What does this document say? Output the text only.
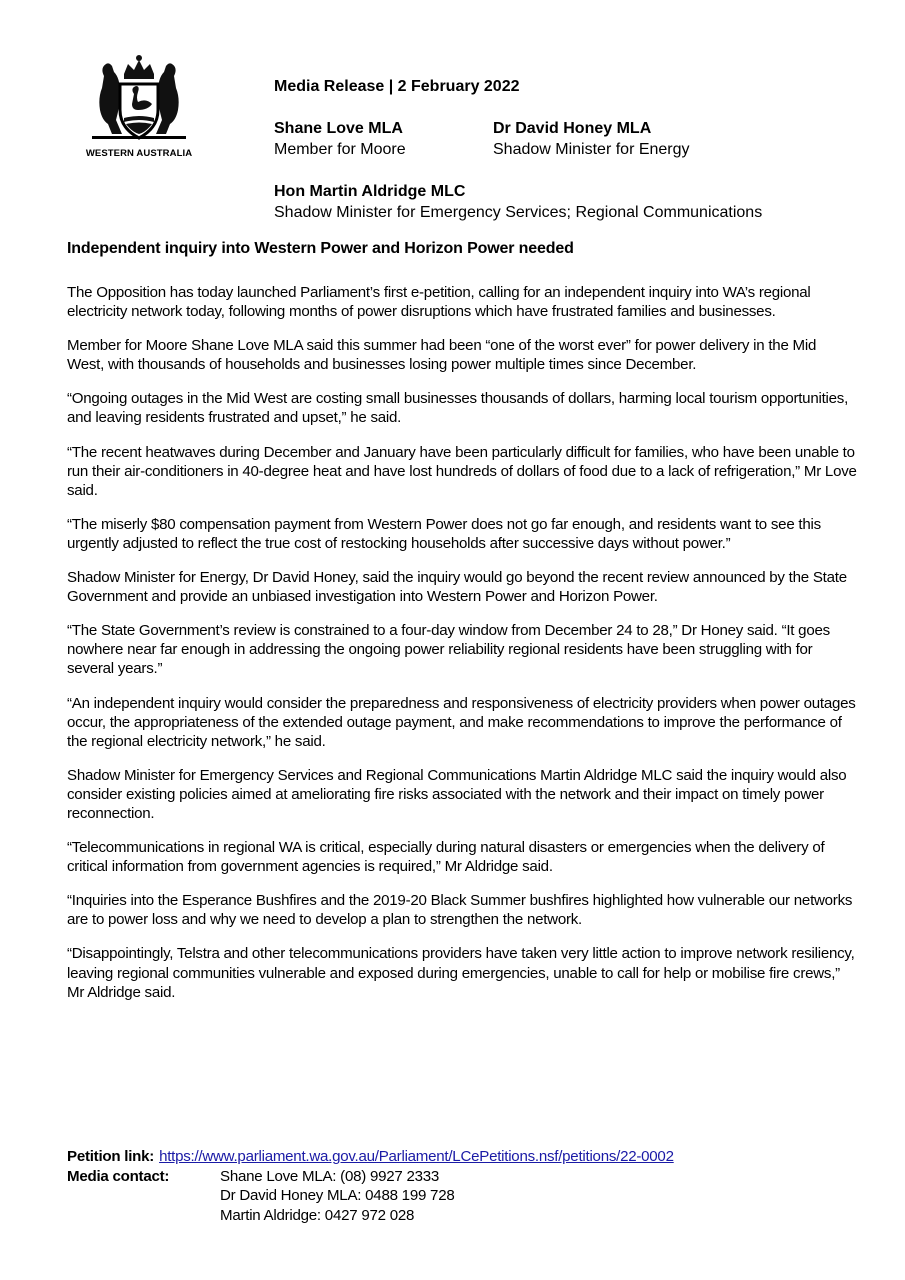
WESTERN AUSTRALIA
Media Release | 2 February 2022
Shane Love MLA
Member for Moore
Dr David Honey MLA
Shadow Minister for Energy
Hon Martin Aldridge MLC
Shadow Minister for Emergency Services; Regional Communications
Independent inquiry into Western Power and Horizon Power needed

The Opposition has today launched Parliament’s first e-petition, calling for an independent inquiry into WA’s regional electricity network today, following months of power disruptions which have frustrated families and businesses.

Member for Moore Shane Love MLA said this summer had been “one of the worst ever” for power delivery in the Mid West, with thousands of households and businesses losing power multiple times since December.

“Ongoing outages in the Mid West are costing small businesses thousands of dollars, harming local tourism opportunities, and leaving residents frustrated and upset,” he said.

“The recent heatwaves during December and January have been particularly difficult for families, who have been unable to run their air-conditioners in 40-degree heat and have lost hundreds of dollars of food due to a lack of refrigeration,” Mr Love said.

“The miserly $80 compensation payment from Western Power does not go far enough, and residents want to see this urgently adjusted to reflect the true cost of restocking households after successive days without power.”

Shadow Minister for Energy, Dr David Honey, said the inquiry would go beyond the recent review announced by the State Government and provide an unbiased investigation into Western Power and Horizon Power.

“The State Government’s review is constrained to a four-day window from December 24 to 28,” Dr Honey said. “It goes nowhere near far enough in addressing the ongoing power reliability regional residents have been struggling with for several years.”

“An independent inquiry would consider the preparedness and responsiveness of electricity providers when power outages occur, the appropriateness of the extended outage payment, and make recommendations to improve the performance of the regional electricity network,” he said.

Shadow Minister for Emergency Services and Regional Communications Martin Aldridge MLC said the inquiry would also consider existing policies aimed at ameliorating fire risks associated with the network and their impact on timely power reconnection.

“Telecommunications in regional WA is critical, especially during natural disasters or emergencies when the delivery of critical information from government agencies is required,” Mr Aldridge said.

“Inquiries into the Esperance Bushfires and the 2019-20 Black Summer bushfires highlighted how vulnerable our networks are to power loss and why we need to develop a plan to strengthen the network.

“Disappointingly, Telstra and other telecommunications providers have taken very little action to improve network resiliency, leaving regional communities vulnerable and exposed during emergencies, unable to call for help or mobilise fire crews,” Mr Aldridge said.

Petition link: https://www.parliament.wa.gov.au/Parliament/LCePetitions.nsf/petitions/22-0002
Media contact:	Shane Love MLA: (08) 9927 2333
Dr David Honey MLA: 0488 199 728
Martin Aldridge: 0427 972 028
